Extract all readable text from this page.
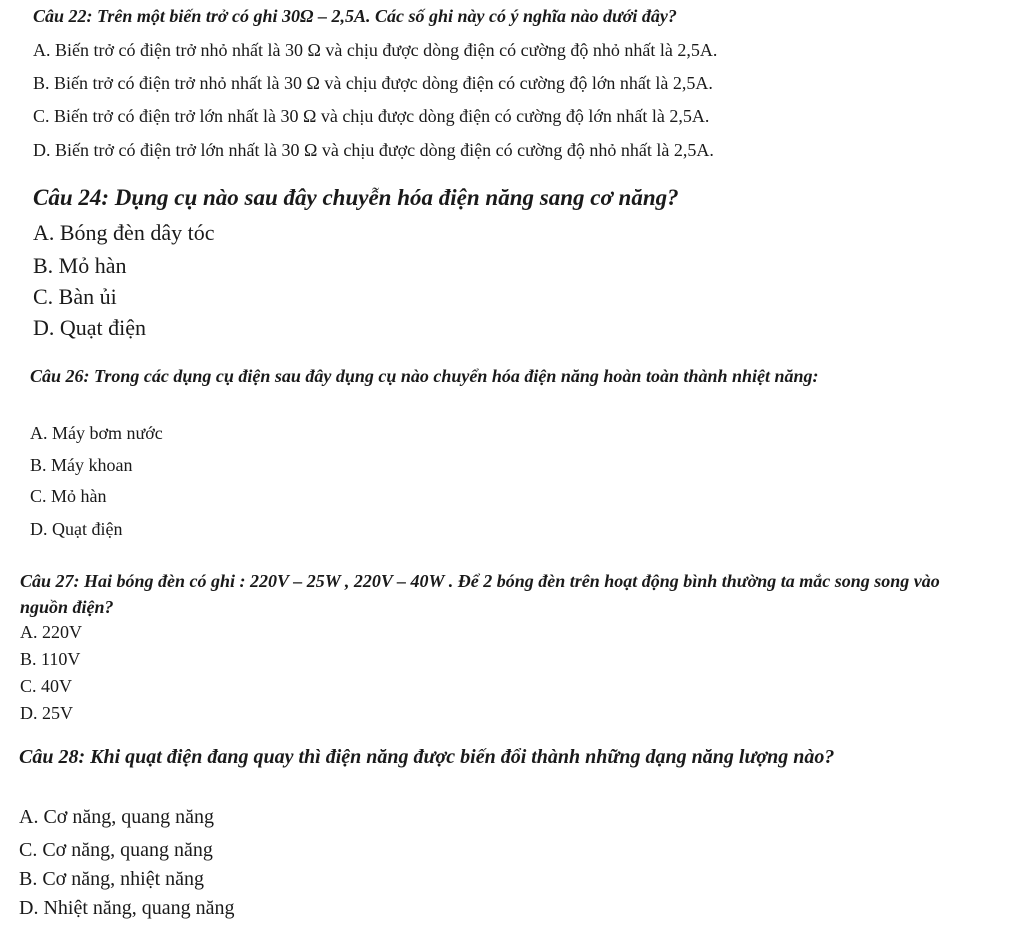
Câu 22: Trên một biến trở có ghi 30Ω – 2,5A. Các số ghi này có ý nghĩa nào dưới đây?
A. Biến trở có điện trở nhỏ nhất là 30 Ω và chịu được dòng điện có cường độ nhỏ nhất là 2,5A.
B. Biến trở có điện trở nhỏ nhất là 30 Ω và chịu được dòng điện có cường độ lớn nhất là 2,5A.
C. Biến trở có điện trở lớn nhất là 30 Ω và chịu được dòng điện có cường độ lớn nhất là 2,5A.
D. Biến trở có điện trở lớn nhất là 30 Ω và chịu được dòng điện có cường độ nhỏ nhất là 2,5A.
Câu 24: Dụng cụ nào sau đây chuyễn hóa điện năng sang cơ năng?
A. Bóng đèn dây tóc
B. Mỏ hàn
C. Bàn ủi
D. Quạt điện
Câu 26: Trong các dụng cụ điện sau đây dụng cụ nào chuyển hóa điện năng hoàn toàn thành nhiệt năng:
A. Máy bơm nước
B. Máy khoan
C. Mỏ hàn
D. Quạt điện
Câu 27: Hai bóng đèn có ghi : 220V – 25W , 220V – 40W . Để 2 bóng đèn trên hoạt động bình thường ta mắc song song vào nguồn điện?
A. 220V
B. 110V
C. 40V
D. 25V
Câu 28: Khi quạt điện đang quay thì điện năng được biến đổi thành những dạng năng lượng nào?
A. Cơ năng, quang năng
C. Cơ năng, quang năng
B. Cơ năng, nhiệt năng
D. Nhiệt năng, quang năng
